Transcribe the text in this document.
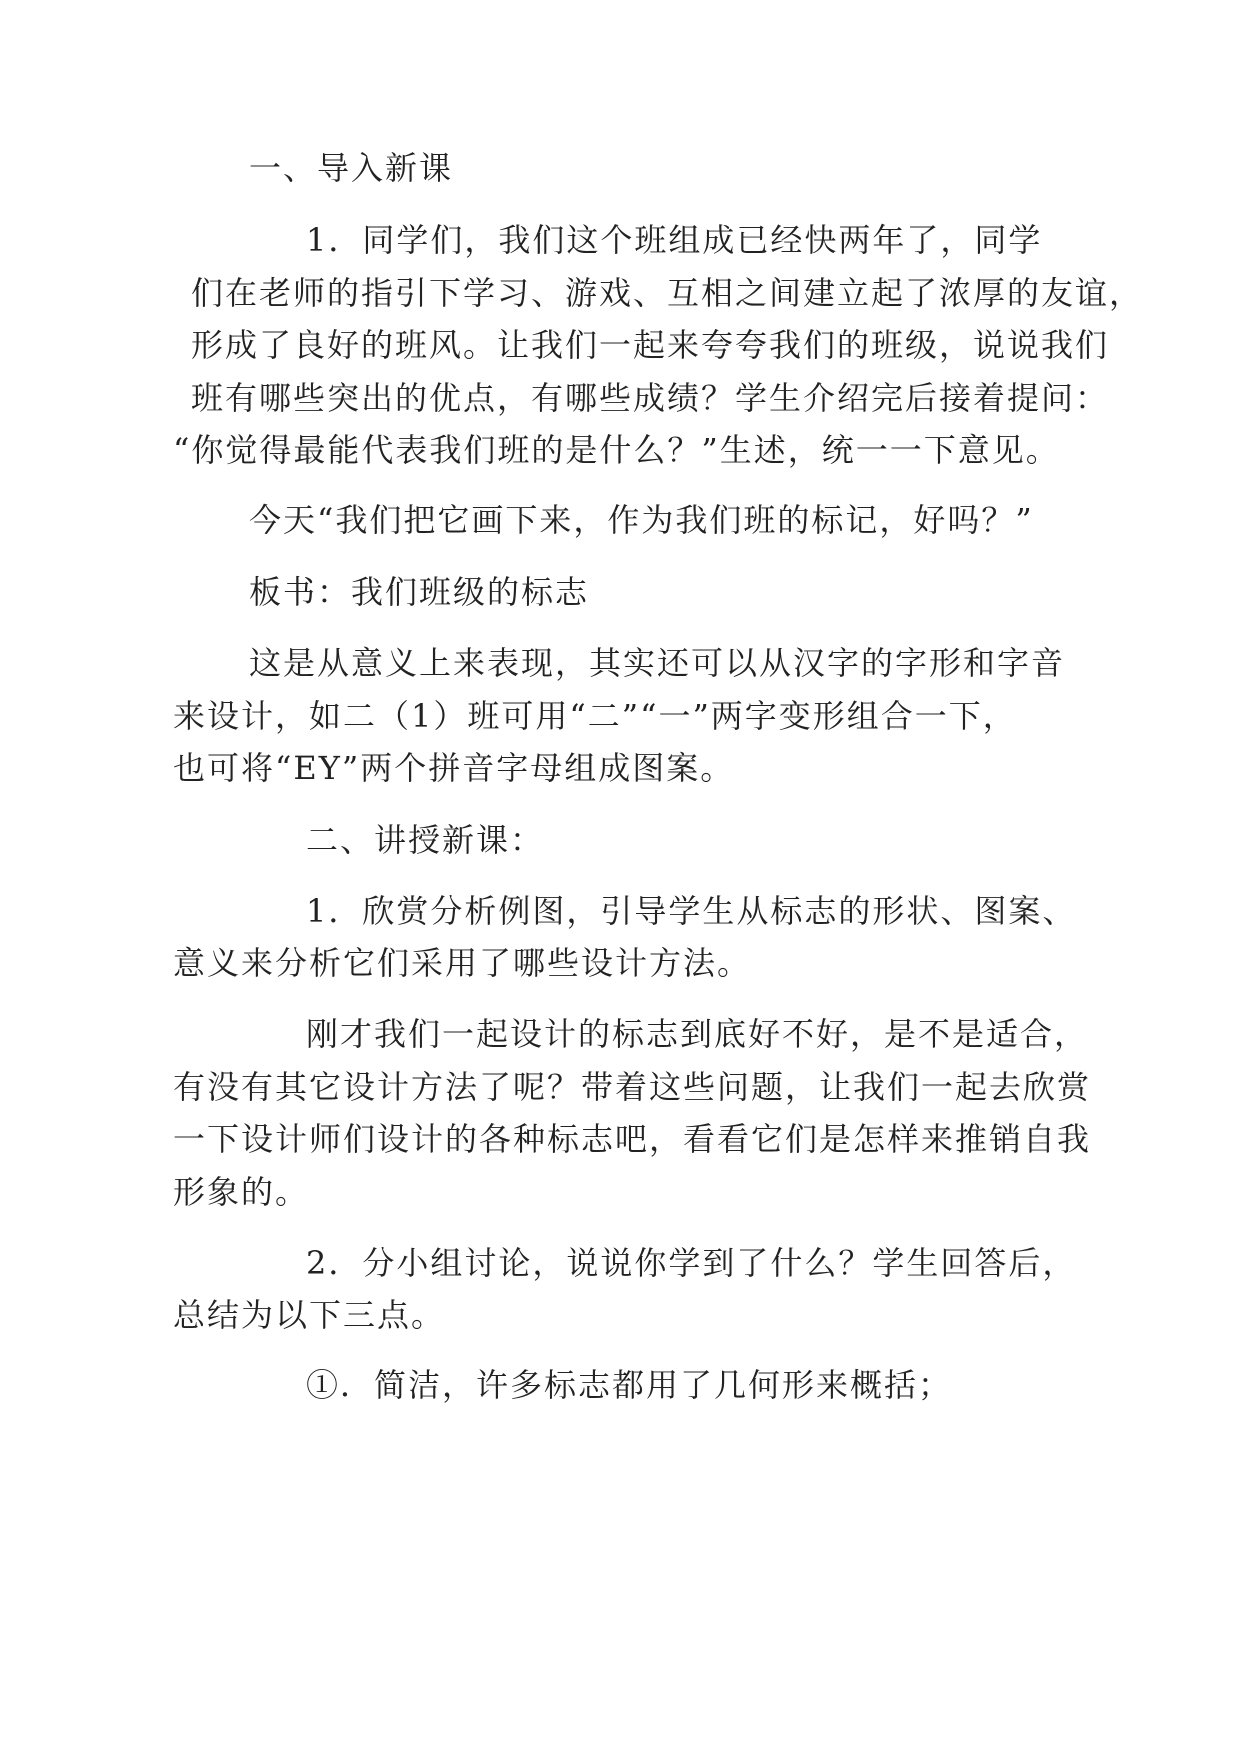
一、导入新课
1．同学们，我们这个班组成已经快两年了，同学
们在老师的指引下学习、游戏、互相之间建立起了浓厚的友谊，
形成了良好的班风。让我们一起来夸夸我们的班级，说说我们
班有哪些突出的优点，有哪些成绩？学生介绍完后接着提问：
“你觉得最能代表我们班的是什么？”生述，统一一下意见。
今天“我们把它画下来，作为我们班的标记，好吗？”
板书：我们班级的标志
这是从意义上来表现，其实还可以从汉字的字形和字音
来设计，如二（1）班可用“二”“一”两字变形组合一下，
也可将“EY”两个拼音字母组成图案。
二、讲授新课：
1．欣赏分析例图，引导学生从标志的形状、图案、
意义来分析它们采用了哪些设计方法。
刚才我们一起设计的标志到底好不好，是不是适合，
有没有其它设计方法了呢？带着这些问题，让我们一起去欣赏
一下设计师们设计的各种标志吧，看看它们是怎样来推销自我
形象的。
2．分小组讨论，说说你学到了什么？学生回答后，
总结为以下三点。
①．简洁，许多标志都用了几何形来概括；
